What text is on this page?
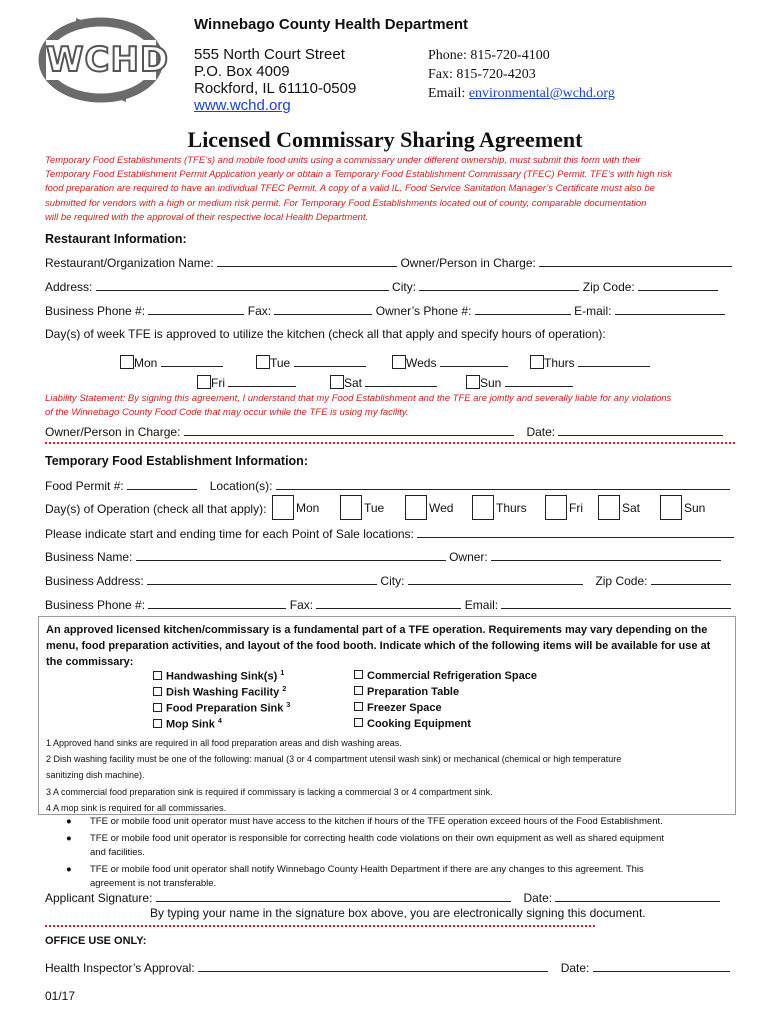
WCHD
Winnebago County Health Department
555 North Court Street
P.O. Box 4009
Rockford, IL 61110-0509
www.wchd.org
Phone: 815-720-4100
Fax: 815-720-4203
Email: environmental@wchd.org
Licensed Commissary Sharing Agreement
Temporary Food Establishments (TFE’s) and mobile food units using a commissary under different ownership, must submit this form with their
Temporary Food Establishment Permit Application yearly or obtain a Temporary Food Establishment Commissary (TFEC) Permit. TFE’s with high risk
food preparation are required to have an individual TFEC Permit. A copy of a valid IL. Food Service Sanitation Manager’s Certificate must also be
submitted for vendors with a high or medium risk permit. For Temporary Food Establishments located out of county, comparable documentation
will be required with the approval of their respective local Health Department.
Restaurant Information:
Restaurant/Organization Name:	Owner/Person in Charge:
Address:	City:	Zip Code:
Business Phone #:	Fax:	Owner’s Phone #:	E-mail:
Day(s) of week TFE is approved to utilize the kitchen (check all that apply and specify hours of operation):
Mon	Tue	Weds	Thurs
Fri	Sat	Sun
Liability Statement: By signing this agreement, I understand that my Food Establishment and the TFE are jointly and severally liable for any violations
of the Winnebago County Food Code that may occur while the TFE is using my facility.
Owner/Person in Charge:	Date:
Temporary Food Establishment Information:
Food Permit #:	Location(s):
Day(s) of Operation (check all that apply):	Mon	Tue	Wed	Thurs	Fri	Sat	Sun
Please indicate start and ending time for each Point of Sale locations:
Business Name:	Owner:
Business Address:	City:	Zip Code:
Business Phone #:	Fax:	Email:
An approved licensed kitchen/commissary is a fundamental part of a TFE operation. Requirements may vary depending on the
menu, food preparation activities, and layout of the food booth. Indicate which of the following items will be available for use at
the commissary:
Handwashing Sink(s) $^1$
Dish Washing Facility $^2$
Food Preparation Sink $^3$
Mop Sink $^4$
Commercial Refrigeration Space
Preparation Table
Freezer Space
Cooking Equipment
1 Approved hand sinks are required in all food preparation areas and dish washing areas.
2 Dish washing facility must be one of the following: manual (3 or 4 compartment utensil wash sink) or mechanical (chemical or high temperature
sanitizing dish machine).
3 A commercial food preparation sink is required if commissary is lacking a commercial 3 or 4 compartment sink.
4 A mop sink is required for all commissaries.
● TFE or mobile food unit operator must have access to the kitchen if hours of the TFE operation exceed hours of the Food Establishment.
● TFE or mobile food unit operator is responsible for correcting health code violations on their own equipment as well as shared equipment
and facilities.
● TFE or mobile food unit operator shall notify Winnebago County Health Department if there are any changes to this agreement. This
agreement is not transferable.
Applicant Signature:	Date:
By typing your name in the signature box above, you are electronically signing this document.
OFFICE USE ONLY:
Health Inspector’s Approval:	Date:
01/17
